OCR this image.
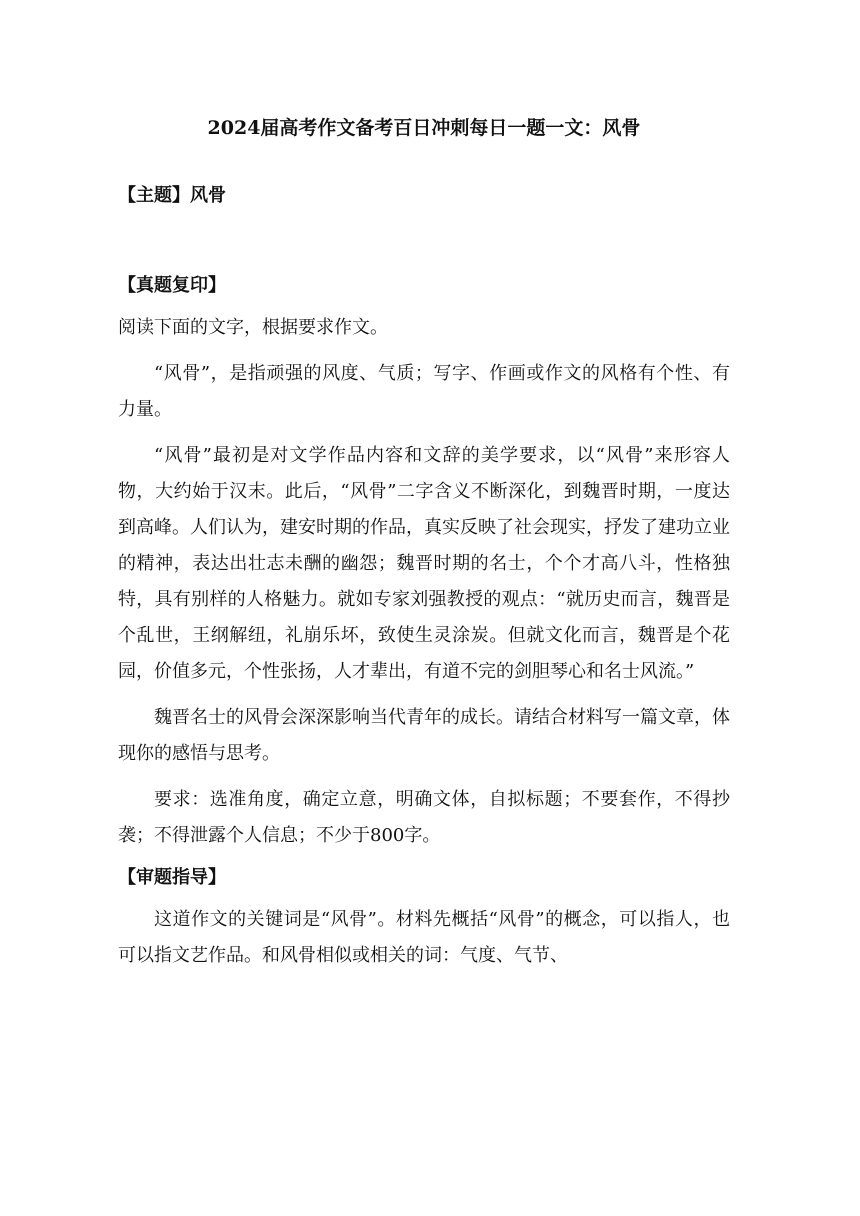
2024届高考作文备考百日冲刺每日一题一文：风骨

【主题】风骨

【真题复印】

阅读下面的文字，根据要求作文。

“风骨”，是指顽强的风度、气质；写字、作画或作文的风格有个性、有力量。

“风骨”最初是对文学作品内容和文辞的美学要求，以“风骨”来形容人物，大约始于汉末。此后，“风骨”二字含义不断深化，到魏晋时期，一度达到高峰。人们认为，建安时期的作品，真实反映了社会现实，抒发了建功立业的精神，表达出壮志未酬的幽怨；魏晋时期的名士，个个才高八斗，性格独特，具有别样的人格魅力。就如专家刘强教授的观点：“就历史而言，魏晋是个乱世，王纲解纽，礼崩乐坏，致使生灵涂炭。但就文化而言，魏晋是个花园，价值多元，个性张扬，人才辈出，有道不完的剑胆琴心和名士风流。”

魏晋名士的风骨会深深影响当代青年的成长。请结合材料写一篇文章，体现你的感悟与思考。

要求：选准角度，确定立意，明确文体，自拟标题；不要套作，不得抄袭；不得泄露个人信息；不少于800字。

【审题指导】

这道作文的关键词是“风骨”。材料先概括“风骨”的概念，可以指人，也可以指文艺作品。和风骨相似或相关的词：气度、气节、
